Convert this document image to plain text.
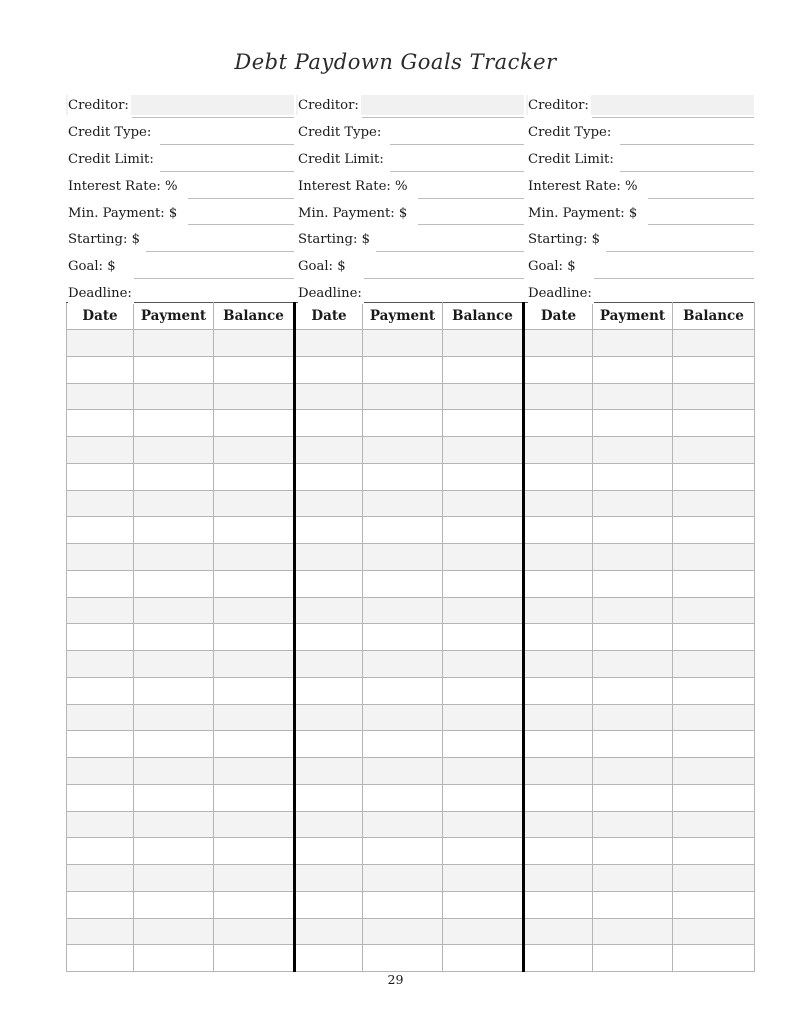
Debt Paydown Goals Tracker
Creditor:
Credit Type:
Credit Limit:
Interest Rate: %
Min. Payment: $
Starting: $
Goal: $
Deadline:
Creditor:
Credit Type:
Credit Limit:
Interest Rate: %
Min. Payment: $
Starting: $
Goal: $
Deadline:
Creditor:
Credit Type:
Credit Limit:
Interest Rate: %
Min. Payment: $
Starting: $
Goal: $
Deadline:
Date	Payment	Balance	Date	Payment	Balance	Date	Payment	Balance

29
